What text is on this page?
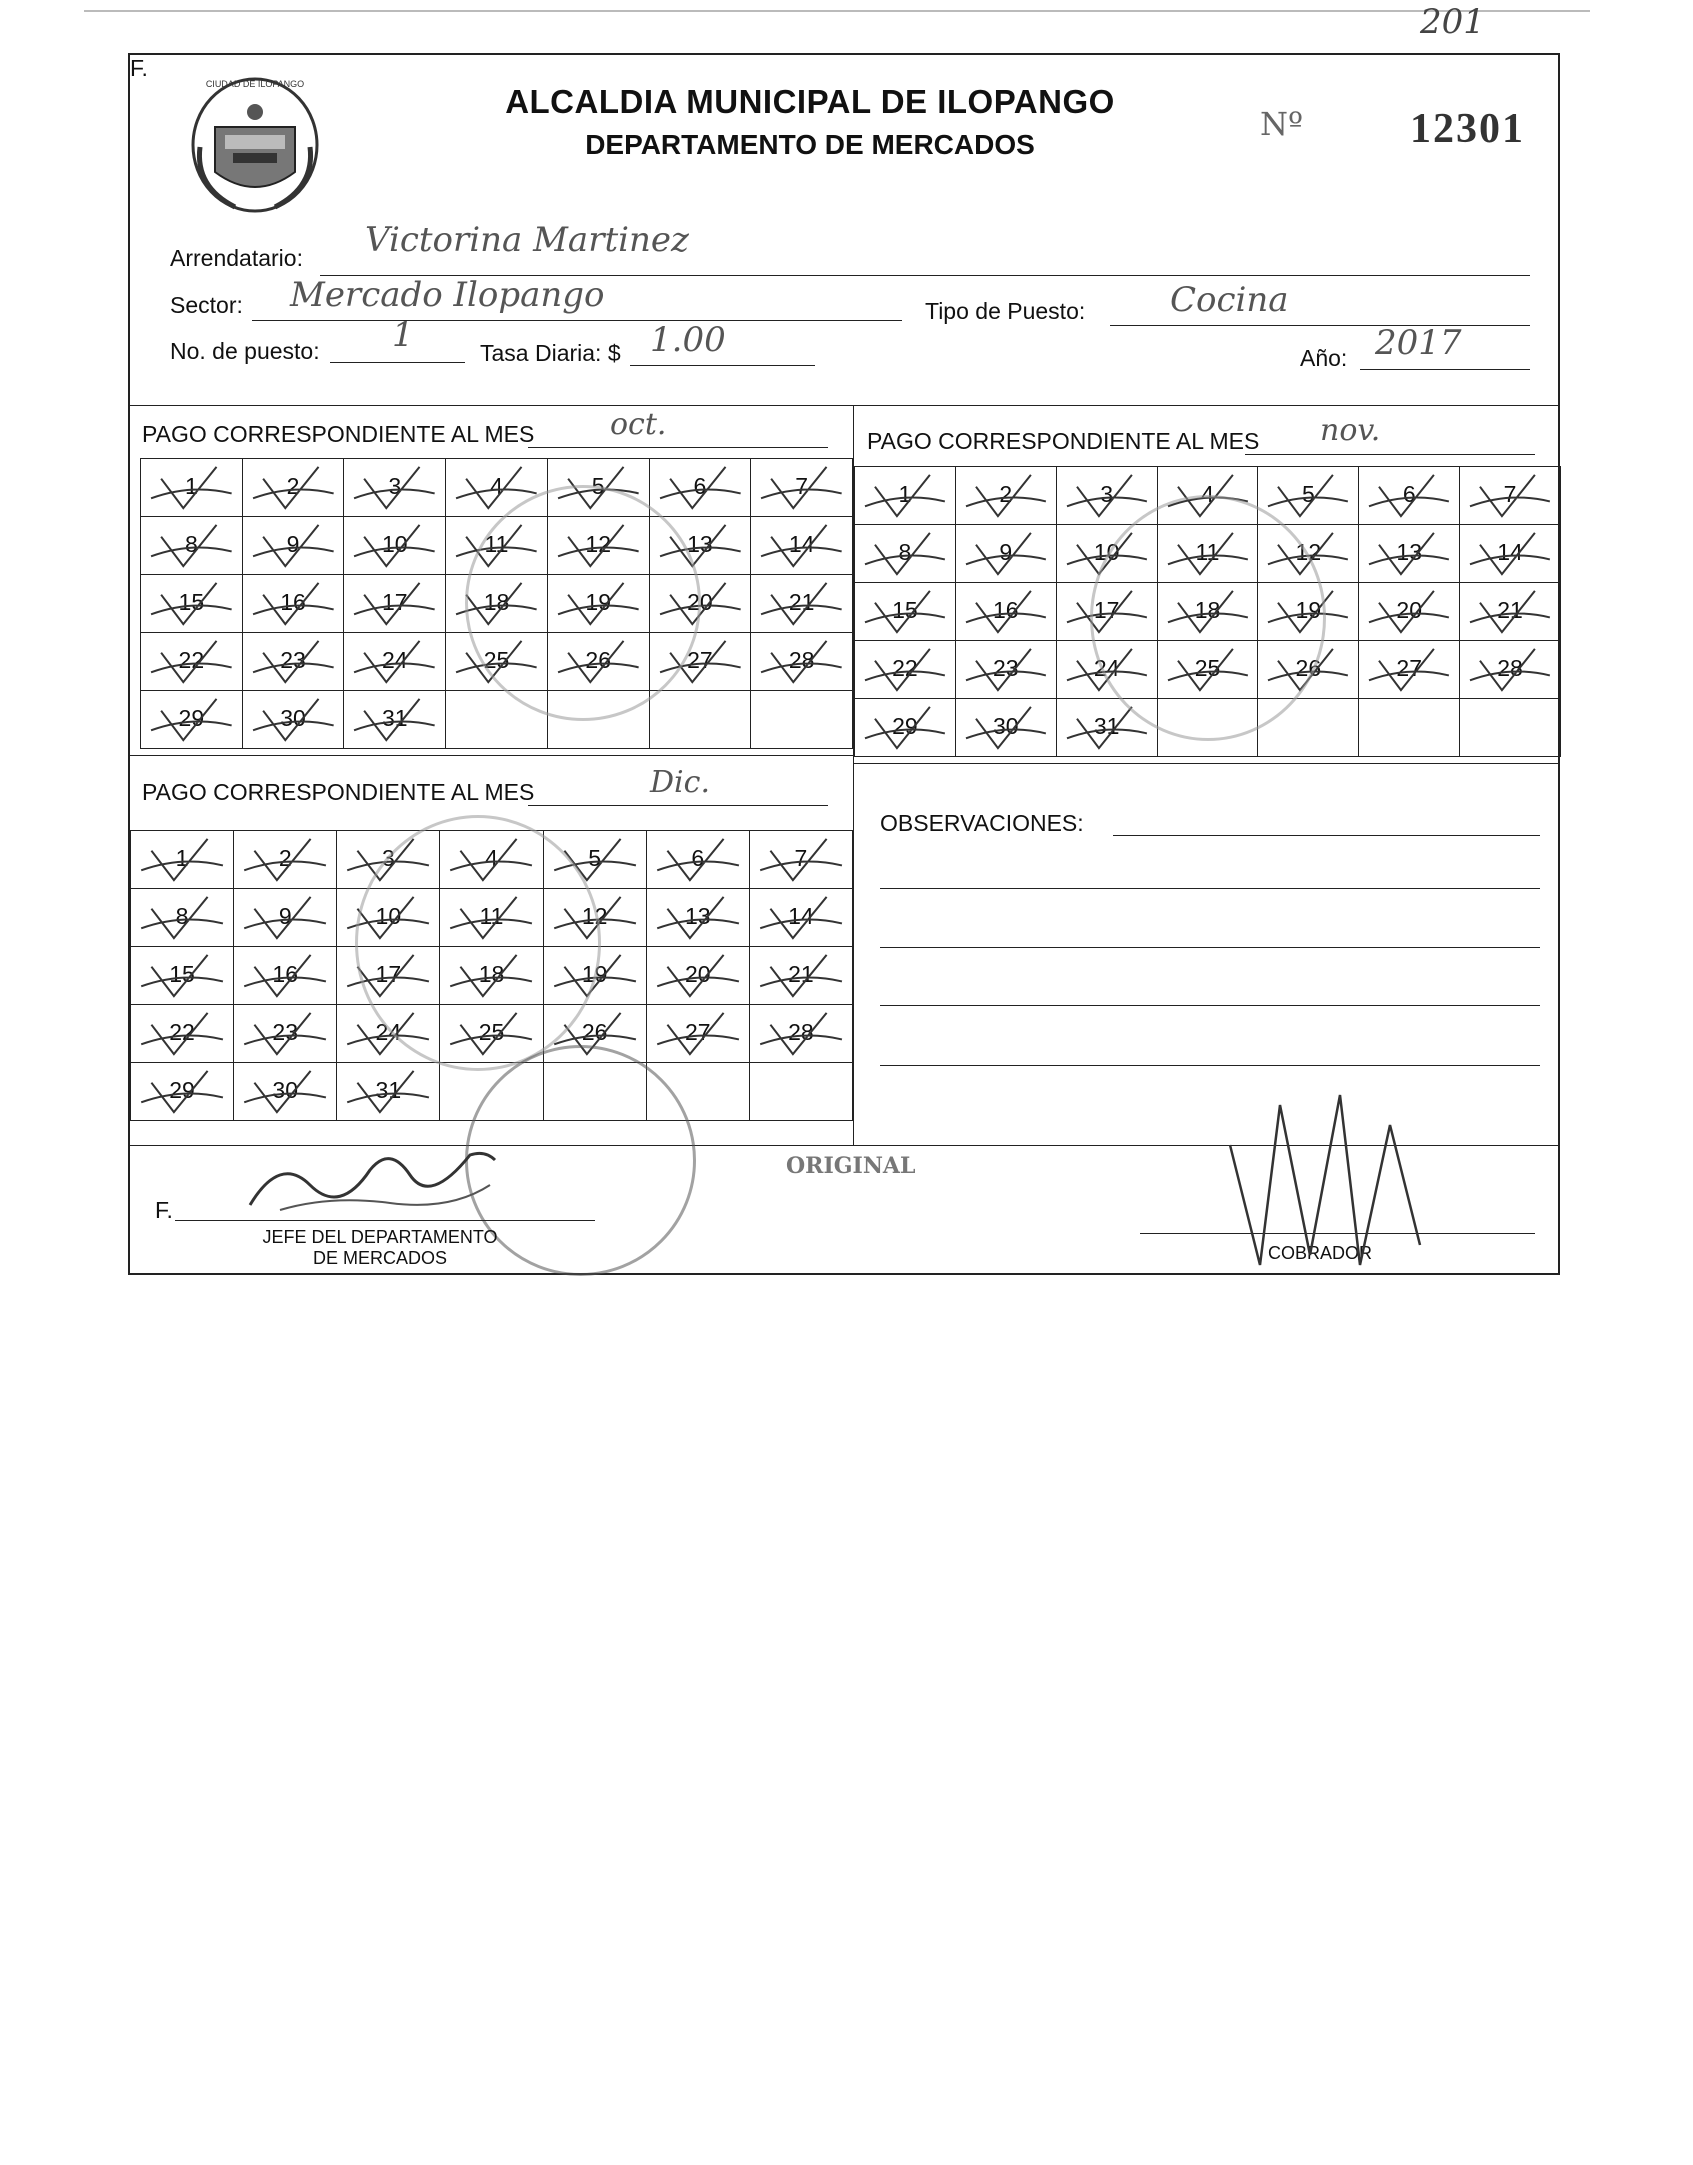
201
CIUDAD DE ILOPANGO	ALCALDIA MUNICIPAL DE ILOPANGO
DEPARTAMENTO DE MERCADOS
Nº	12301
Arrendatario: Victorina Martinez
Sector: Mercado Ilopango	Tipo de Puesto: Cocina
No. de puesto: 1	Tasa Diaria: $ 1.00	Año: 2017
PAGO CORRESPONDIENTE AL MES	oct.
1	2	3	4	5	6	7
8	9	10	11	12	13	14
15	16	17	18	19	20	21
22	23	24	25	26	27	28
29	30	31
PAGO CORRESPONDIENTE AL MES nov.
1	2	3	4	5	6	7
8	9	10	11	12	13	14
15	16	17	18	19	20	21
22	23	24	25	26	27	28
29	30	31
PAGO CORRESPONDIENTE AL MES	Dic.
1	2	3	4	5	6	7
8	9	10	11	12	13	14
15	16	17	18	19	20	21
22	23	24	25	26	27	28
29	30	31
OBSERVACIONES:
ORIGINAL
F.
JEFE DEL DEPARTAMENTO
DE MERCADOS
F.
COBRADOR
